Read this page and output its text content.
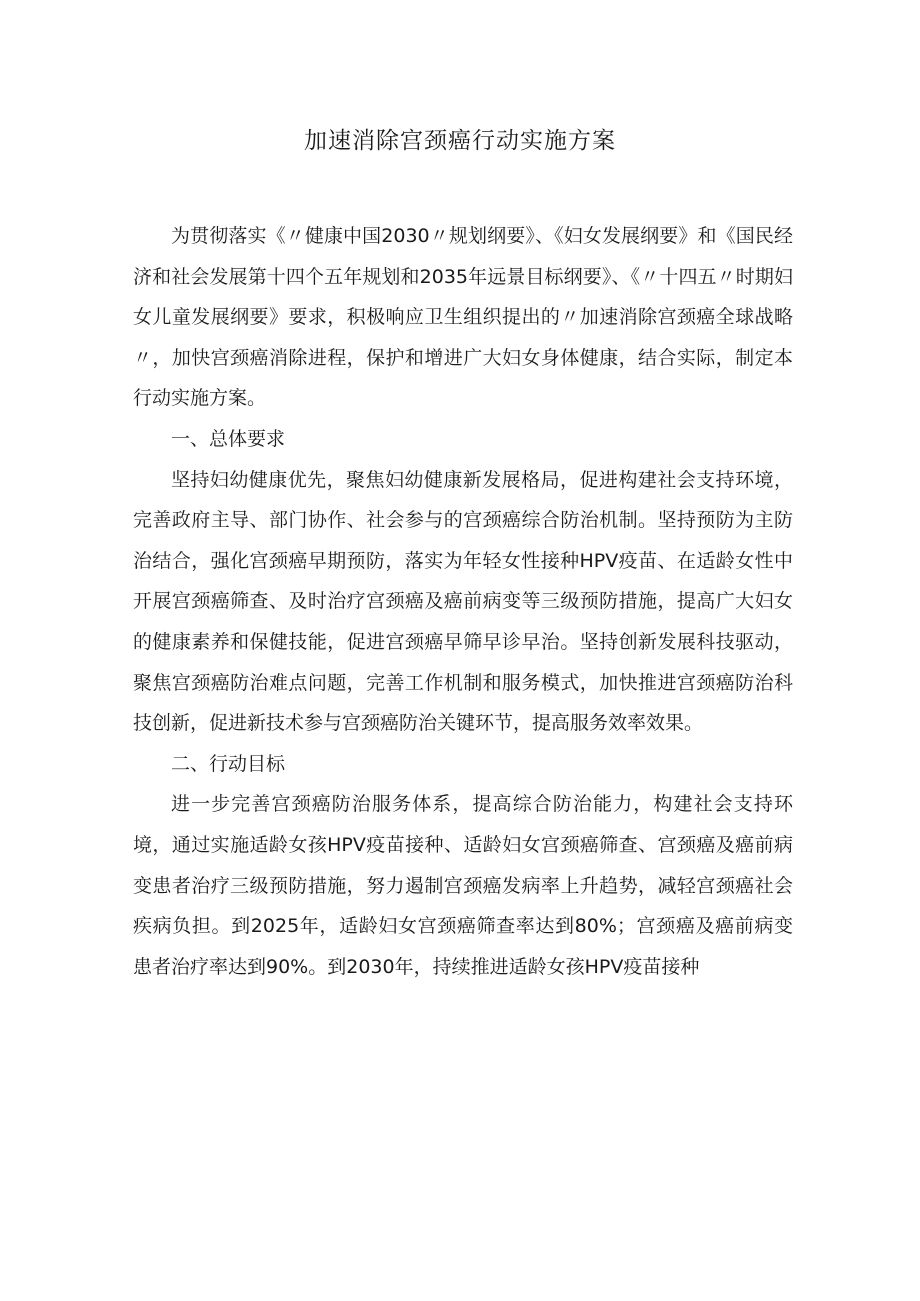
加速消除宫颈癌行动实施方案

为贯彻落实《〃健康中国2030〃规划纲要》、《妇女发展纲要》和《国民经济和社会发展第十四个五年规划和2035年远景目标纲要》、《〃十四五〃时期妇女儿童发展纲要》要求，积极响应卫生组织提出的〃加速消除宫颈癌全球战略〃，加快宫颈癌消除进程，保护和增进广大妇女身体健康，结合实际，制定本行动实施方案。

一、总体要求

坚持妇幼健康优先，聚焦妇幼健康新发展格局，促进构建社会支持环境，完善政府主导、部门协作、社会参与的宫颈癌综合防治机制。坚持预防为主防治结合，强化宫颈癌早期预防，落实为年轻女性接种HPV疫苗、在适龄女性中开展宫颈癌筛查、及时治疗宫颈癌及癌前病变等三级预防措施，提高广大妇女的健康素养和保健技能，促进宫颈癌早筛早诊早治。坚持创新发展科技驱动，聚焦宫颈癌防治难点问题，完善工作机制和服务模式，加快推进宫颈癌防治科技创新，促进新技术参与宫颈癌防治关键环节，提高服务效率效果。

二、行动目标

进一步完善宫颈癌防治服务体系，提高综合防治能力，构建社会支持环境，通过实施适龄女孩HPV疫苗接种、适龄妇女宫颈癌筛查、宫颈癌及癌前病变患者治疗三级预防措施，努力遏制宫颈癌发病率上升趋势，减轻宫颈癌社会疾病负担。到2025年，适龄妇女宫颈癌筛查率达到80%；宫颈癌及癌前病变患者治疗率达到90%。到2030年，持续推进适龄女孩HPV疫苗接种
